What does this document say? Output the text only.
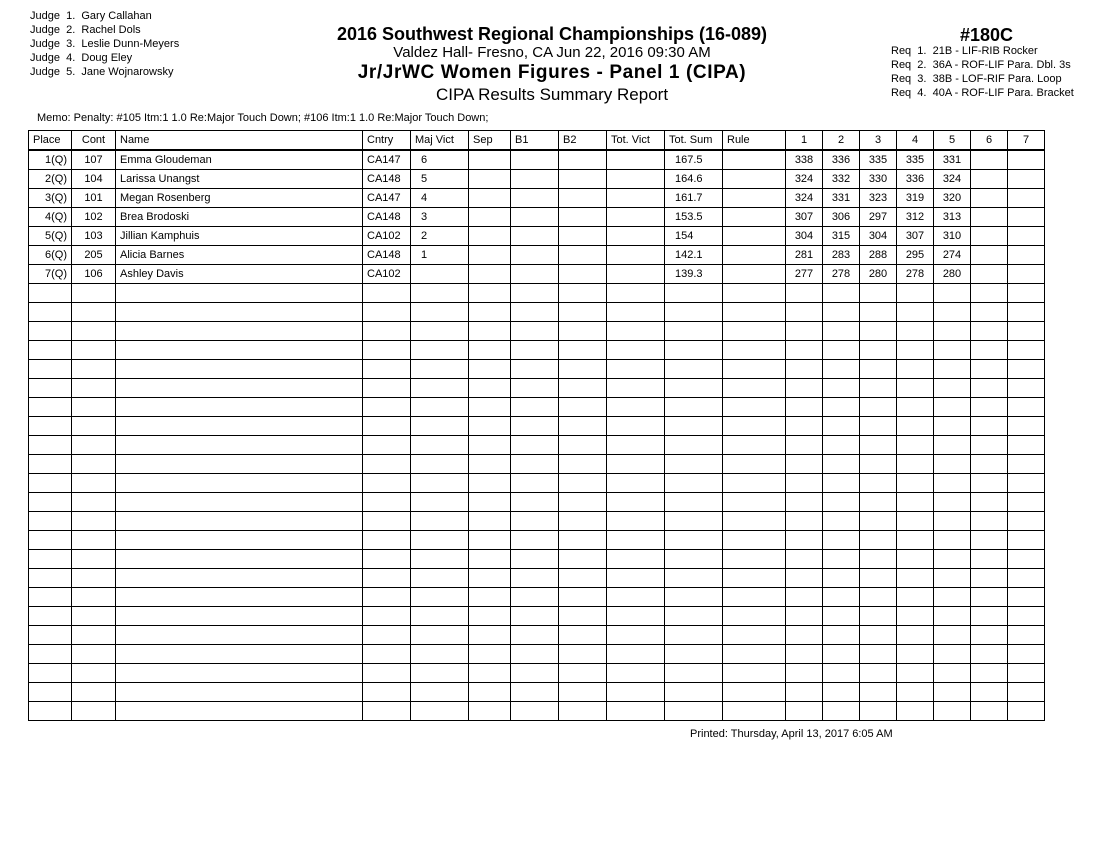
Judge  1.  Gary Callahan
Judge  2.  Rachel Dols
Judge  3.  Leslie Dunn-Meyers
Judge  4.  Doug Eley
Judge  5.  Jane Wojnarowsky
2016 Southwest Regional Championships (16-089)
Valdez Hall- Fresno, CA Jun 22, 2016 09:30 AM
Jr/JrWC Women Figures - Panel 1 (CIPA)
CIPA Results Summary Report
#180C
Req  1.  21B - LIF-RIB Rocker
Req  2.  36A - ROF-LIF Para. Dbl. 3s
Req  3.  38B - LOF-RIF Para. Loop
Req  4.  40A - ROF-LIF Para. Bracket
Memo: Penalty: #105 Itm:1 1.0 Re:Major Touch Down; #106 Itm:1 1.0 Re:Major Touch Down;
Place	Cont	Name	Cntry	Maj Vict	Sep	B1	B2	Tot. Vict	Tot. Sum	Rule	1	2	3	4	5	6	7
1(Q)	107	Emma Gloudeman	CA147	6					167.5		338	336	335	335	331		
2(Q)	104	Larissa Unangst	CA148	5					164.6		324	332	330	336	324		
3(Q)	101	Megan Rosenberg	CA147	4					161.7		324	331	323	319	320		
4(Q)	102	Brea Brodoski	CA148	3					153.5		307	306	297	312	313		
5(Q)	103	Jillian Kamphuis	CA102	2					154		304	315	304	307	310		
6(Q)	205	Alicia Barnes	CA148	1					142.1		281	283	288	295	274		
7(Q)	106	Ashley Davis	CA102						139.3		277	278	280	278	280		

Printed: Thursday, April 13, 2017 6:05 AM
